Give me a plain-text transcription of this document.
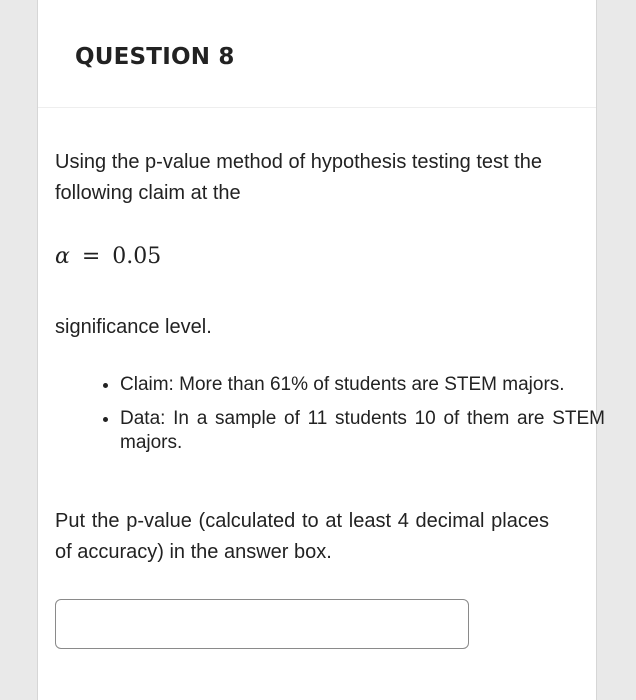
QUESTION 8
Using the p-value method of hypothesis testing test the following claim at the
α = 0.05
significance level.
• Claim: More than 61% of students are STEM majors.
• Data: In a sample of 11 students 10 of them are STEM majors.
Put the p-value (calculated to at least 4 decimal places of accuracy) in the answer box.
